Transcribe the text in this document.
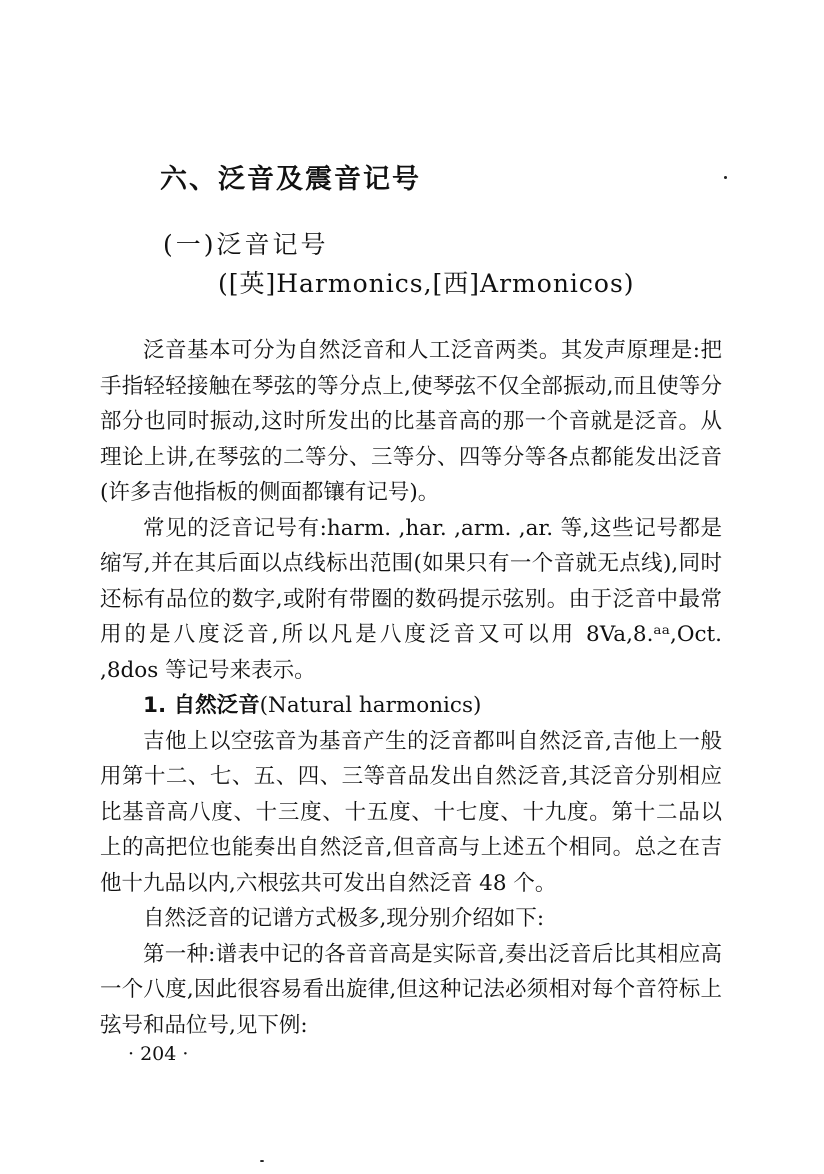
六、泛音及震音记号
(一)泛音记号
([英]Harmonics,[西]Armonicos)

泛音基本可分为自然泛音和人工泛音两类。其发声原理是:把手指轻轻接触在琴弦的等分点上,使琴弦不仅全部振动,而且使等分部分也同时振动,这时所发出的比基音高的那一个音就是泛音。从理论上讲,在琴弦的二等分、三等分、四等分等各点都能发出泛音(许多吉他指板的侧面都镶有记号)。

常见的泛音记号有:harm. ,har. ,arm. ,ar. 等,这些记号都是缩写,并在其后面以点线标出范围(如果只有一个音就无点线),同时还标有品位的数字,或附有带圈的数码提示弦别。由于泛音中最常用的是八度泛音,所以凡是八度泛音又可以用 8Va,8.ᵃᵃ,Oct. ,8dos 等记号来表示。

1. 自然泛音(Natural harmonics)

吉他上以空弦音为基音产生的泛音都叫自然泛音,吉他上一般用第十二、七、五、四、三等音品发出自然泛音,其泛音分别相应比基音高八度、十三度、十五度、十七度、十九度。第十二品以上的高把位也能奏出自然泛音,但音高与上述五个相同。总之在吉他十九品以内,六根弦共可发出自然泛音 48 个。

自然泛音的记谱方式极多,现分别介绍如下:

第一种:谱表中记的各音音高是实际音,奏出泛音后比其相应高一个八度,因此很容易看出旋律,但这种记法必须相对每个音符标上弦号和品位号,见下例:

· 204 ·
